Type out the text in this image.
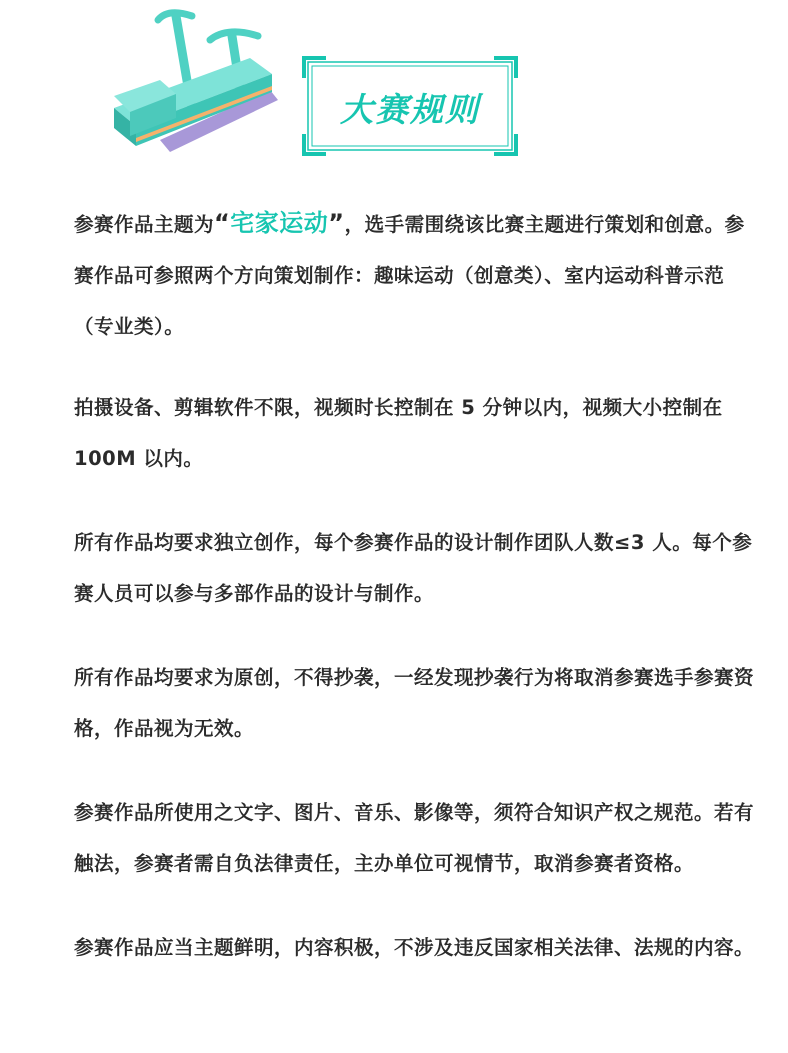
大赛规则

参赛作品主题为“宅家运动”，选手需围绕该比赛主题进行策划和创意。参赛作品可参照两个方向策划制作：趣味运动（创意类）、室内运动科普示范（专业类）。

拍摄设备、剪辑软件不限，视频时长控制在 5 分钟以内，视频大小控制在 100M 以内。

所有作品均要求独立创作，每个参赛作品的设计制作团队人数≤3 人。每个参赛人员可以参与多部作品的设计与制作。

所有作品均要求为原创，不得抄袭，一经发现抄袭行为将取消参赛选手参赛资格，作品视为无效。

参赛作品所使用之文字、图片、音乐、影像等，须符合知识产权之规范。若有触法，参赛者需自负法律责任，主办单位可视情节，取消参赛者资格。

参赛作品应当主题鲜明，内容积极，不涉及违反国家相关法律、法规的内容。
